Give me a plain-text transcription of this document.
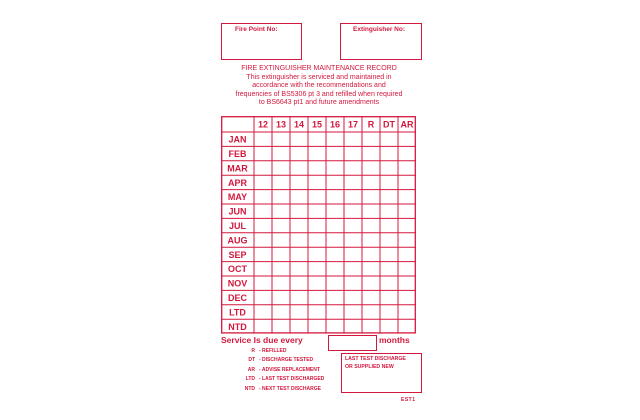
Fire Point No:	Extinguisher No:
FIRE EXTINGUISHER MAINTENANCE RECORD
This extinguisher is serviced and maintained in
accordance with the recommendations and
frequencies of BS5306 pt 3 and refilled when required
to BS6643 pt1 and future amendments
12 13 14 15 16 17 R DT AR
JAN
FEB
MAR
APR
MAY
JUN
JUL
AUG
SEP
OCT
NOV
DEC
LTD
NTD
Service Is due every	months
R - REFILLED
DT - DISCHARGE TESTED
AR - ADVISE REPLACEMENT
LTD - LAST TEST DISCHARGED
NTD - NEXT TEST DISCHARGE
LAST TEST DISCHARGE
OR SUPPLIED NEW
EST1
